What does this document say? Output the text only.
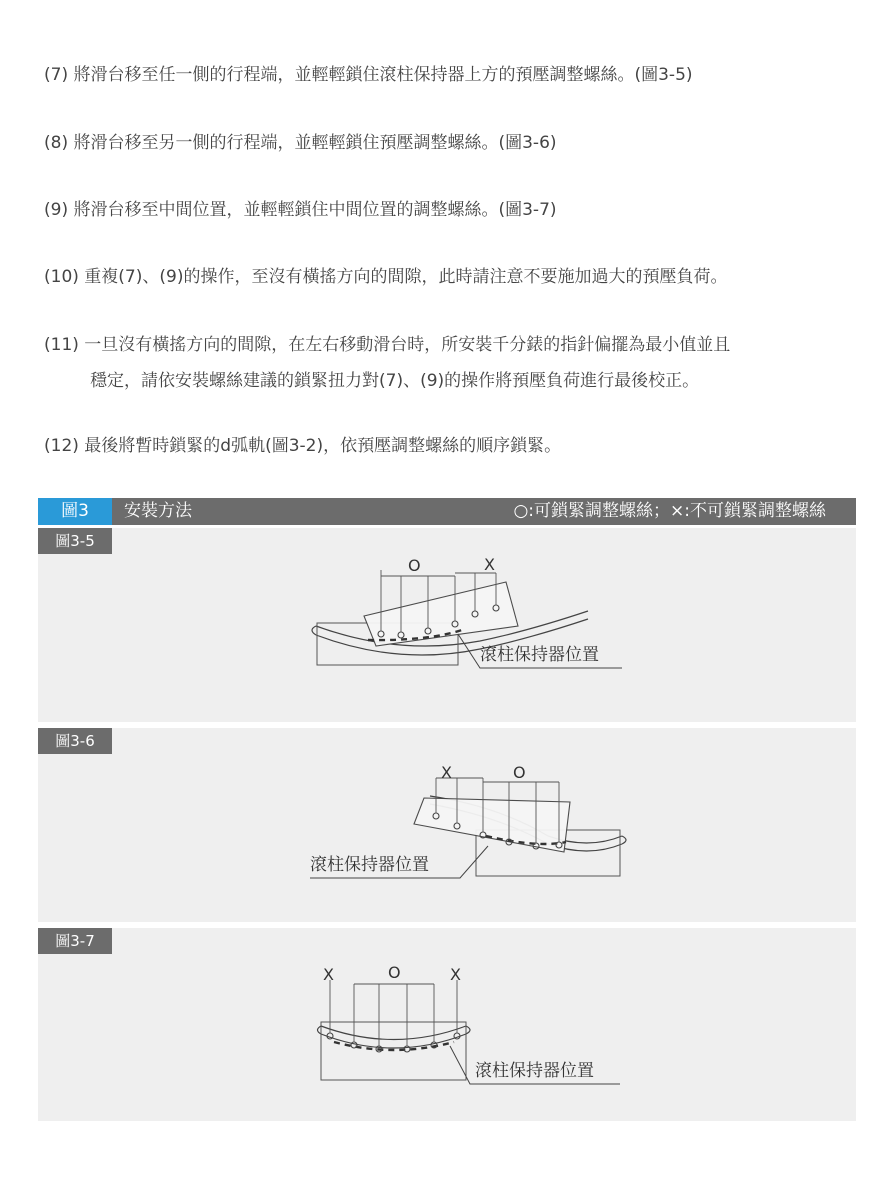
(7) 將滑台移至任一側的行程端，並輕輕鎖住滾柱保持器上方的預壓調整螺絲。(圖3-5)

(8) 將滑台移至另一側的行程端，並輕輕鎖住預壓調整螺絲。(圖3-6)

(9) 將滑台移至中間位置，並輕輕鎖住中間位置的調整螺絲。(圖3-7)

(10) 重複(7)、(9)的操作，至沒有橫搖方向的間隙，此時請注意不要施加過大的預壓負荷。

(11) 一旦沒有橫搖方向的間隙，在左右移動滑台時，所安裝千分錶的指針偏擺為最小值並且
穩定，請依安裝螺絲建議的鎖緊扭力對(7)、(9)的操作將預壓負荷進行最後校正。

(12) 最後將暫時鎖緊的d弧軌(圖3-2)，依預壓調整螺絲的順序鎖緊。

圖3	安裝方法	○:可鎖緊調整螺絲；×:不可鎖緊調整螺絲
圖3-5
O	X
滾柱保持器位置
圖3-6
X	O
滾柱保持器位置
圖3-7
X	O	X
滾柱保持器位置
